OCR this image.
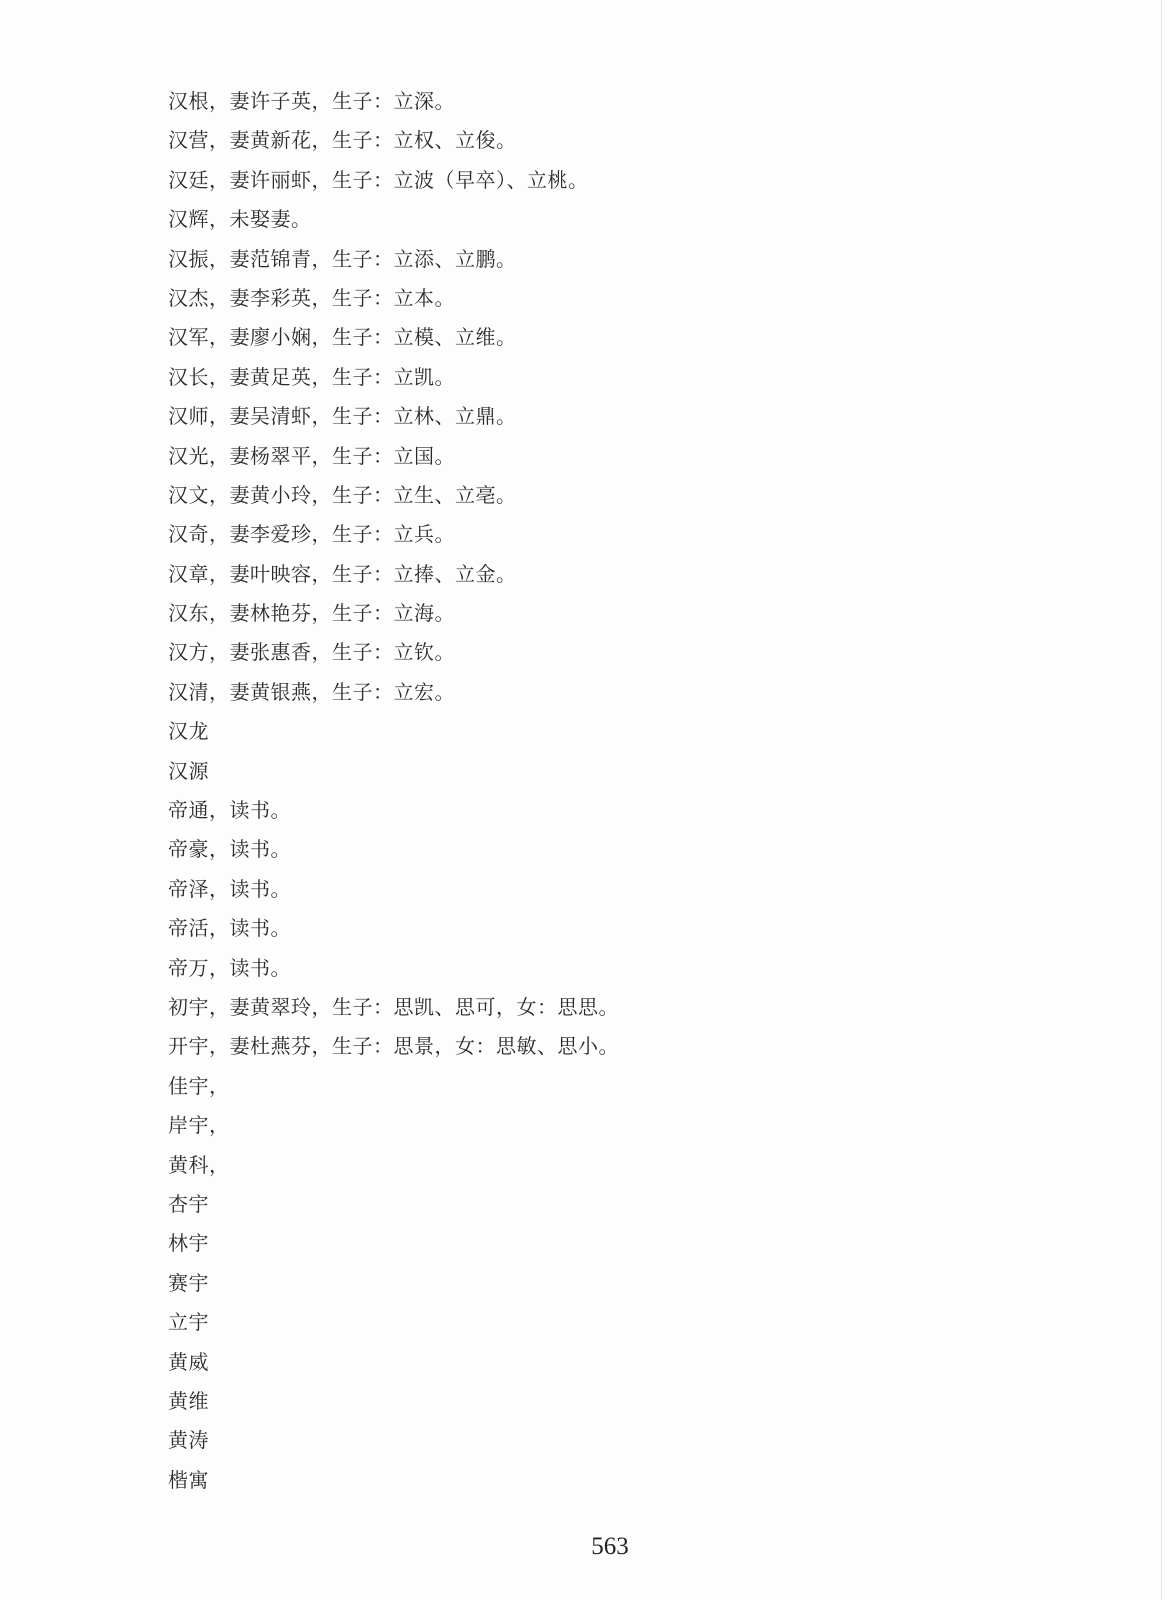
汉根，妻许子英，生子：立深。
汉营，妻黄新花，生子：立权、立俊。
汉廷，妻许丽虾，生子：立波（早卒）、立桃。
汉辉，未娶妻。
汉振，妻范锦青，生子：立添、立鹏。
汉杰，妻李彩英，生子：立本。
汉军，妻廖小娴，生子：立模、立维。
汉长，妻黄足英，生子：立凯。
汉师，妻吴清虾，生子：立林、立鼎。
汉光，妻杨翠平，生子：立国。
汉文，妻黄小玲，生子：立生、立亳。
汉奇，妻李爱珍，生子：立兵。
汉章，妻叶映容，生子：立捧、立金。
汉东，妻林艳芬，生子：立海。
汉方，妻张惠香，生子：立钦。
汉清，妻黄银燕，生子：立宏。
汉龙
汉源
帝通，读书。
帝豪，读书。
帝泽，读书。
帝活，读书。
帝万，读书。
初宇，妻黄翠玲，生子：思凯、思可，女：思思。
开宇，妻杜燕芬，生子：思景，女：思敏、思小。
佳宇，
岸宇，
黄科，
杏宇
林宇
赛宇
立宇
黄威
黄维
黄涛
楷寓
563
